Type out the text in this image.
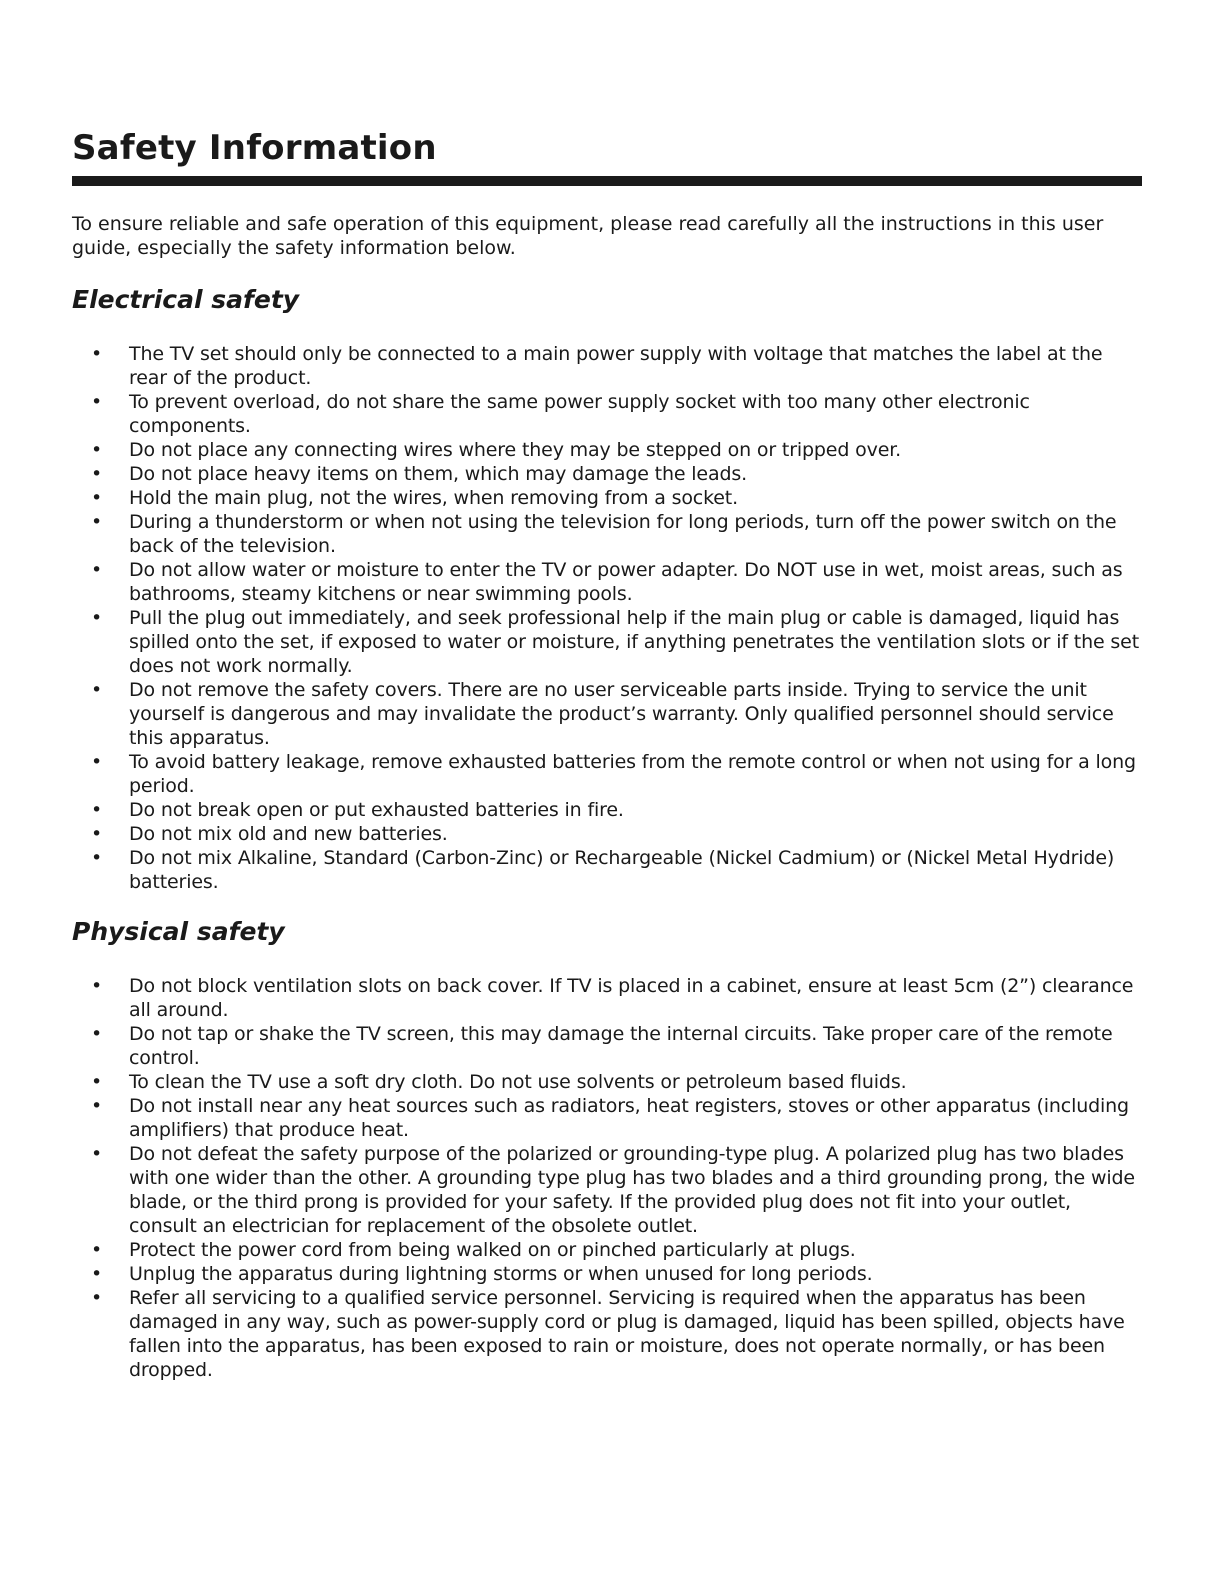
Safety Information

To ensure reliable and safe operation of this equipment, please read carefully all the instructions in this user guide, especially the safety information below.

Electrical safety
• The TV set should only be connected to a main power supply with voltage that matches the label at the rear of the product.
• To prevent overload, do not share the same power supply socket with too many other electronic components.
• Do not place any connecting wires where they may be stepped on or tripped over.
• Do not place heavy items on them, which may damage the leads.
• Hold the main plug, not the wires, when removing from a socket.
• During a thunderstorm or when not using the television for long periods, turn off the power switch on the back of the television.
• Do not allow water or moisture to enter the TV or power adapter. Do NOT use in wet, moist areas, such as bathrooms, steamy kitchens or near swimming pools.
• Pull the plug out immediately, and seek professional help if the main plug or cable is damaged, liquid has spilled onto the set, if exposed to water or moisture, if anything penetrates the ventilation slots or if the set does not work normally.
• Do not remove the safety covers. There are no user serviceable parts inside. Trying to service the unit yourself is dangerous and may invalidate the product’s warranty. Only qualified personnel should service this apparatus.
• To avoid battery leakage, remove exhausted batteries from the remote control or when not using for a long period.
• Do not break open or put exhausted batteries in fire.
• Do not mix old and new batteries.
• Do not mix Alkaline, Standard (Carbon-Zinc) or Rechargeable (Nickel Cadmium) or (Nickel Metal Hydride) batteries.
Physical safety
• Do not block ventilation slots on back cover. If TV is placed in a cabinet, ensure at least 5cm (2”) clearance all around.
• Do not tap or shake the TV screen, this may damage the internal circuits. Take proper care of the remote control.
• To clean the TV use a soft dry cloth. Do not use solvents or petroleum based fluids.
• Do not install near any heat sources such as radiators, heat registers, stoves or other apparatus (including amplifiers) that produce heat.
• Do not defeat the safety purpose of the polarized or grounding-type plug. A polarized plug has two blades with one wider than the other. A grounding type plug has two blades and a third grounding prong, the wide blade, or the third prong is provided for your safety. If the provided plug does not fit into your outlet, consult an electrician for replacement of the obsolete outlet.
• Protect the power cord from being walked on or pinched particularly at plugs.
• Unplug the apparatus during lightning storms or when unused for long periods.
• Refer all servicing to a qualified service personnel. Servicing is required when the apparatus has been damaged in any way, such as power-supply cord or plug is damaged, liquid has been spilled, objects have fallen into the apparatus, has been exposed to rain or moisture, does not operate normally, or has been dropped.
